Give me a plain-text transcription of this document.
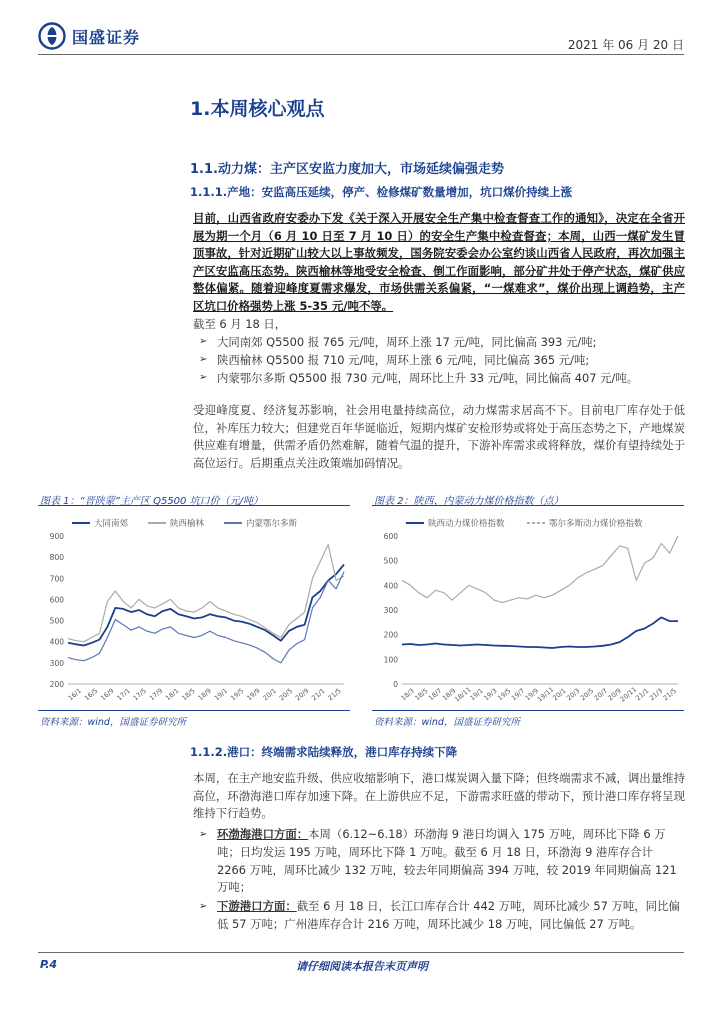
国盛证券	2021 年 06 月 20 日
1.本周核心观点
1.1.动力煤：主产区安监力度加大，市场延续偏强走势
1.1.1.产地：安监高压延续，停产、检修煤矿数量增加，坑口煤价持续上涨
目前，山西省政府安委办下发《关于深入开展安全生产集中检查督查工作的通知》，决定在全省开展为期一个月（6 月 10 日至 7 月 10 日）的安全生产集中检查督查；本周，山西一煤矿发生冒顶事故，针对近期矿山较大以上事故频发，国务院安委会办公室约谈山西省人民政府，再次加强主产区安监高压态势。陕西榆林等地受安全检查、倒工作面影响，部分矿井处于停产状态，煤矿供应整体偏紧。随着迎峰度夏需求爆发，市场供需关系偏紧，“一煤难求”，煤价出现上调趋势，主产区坑口价格强势上涨 5-35 元/吨不等。
截至 6 月 18 日，
➢ 大同南郊 Q5500 报 765 元/吨，周环上涨 17 元/吨，同比偏高 393 元/吨;
➢ 陕西榆林 Q5500 报 710 元/吨，周环上涨 6 元/吨，同比偏高 365 元/吨;
➢ 内蒙鄂尔多斯 Q5500 报 730 元/吨，周环比上升 33 元/吨，同比偏高 407 元/吨。
受迎峰度夏、经济复苏影响，社会用电量持续高位，动力煤需求居高不下。目前电厂库存处于低位，补库压力较大；但建党百年华诞临近，短期内煤矿安检形势或将处于高压态势之下，产地煤炭供应难有增量，供需矛盾仍然难解，随着气温的提升，下游补库需求或将释放，煤价有望持续处于高位运行。后期重点关注政策端加码情况。
图表 1：“晋陕蒙”主产区 Q5500 坑口价（元/吨）
大同南郊	陕西榆林	内蒙鄂尔多斯
900
800
700
600
500
400
300
200
16/1 16/5 16/9 17/1 17/5 17/9 18/1 18/5 18/9 19/1 19/5 19/9 20/1 20/5 20/9 21/1 21/5
资料来源：wind，国盛证券研究所
图表 2：陕西、内蒙动力煤价格指数（点）
陕西动力煤价格指数	鄂尔多斯动力煤价格指数
600
500
400
300
200
100
0
18/3
18/5
18/7
18/9
18/11
19/1
19/3
19/5
19/7
19/9
19/11
20/1
20/3
20/5
20/7
20/9
20/11
21/1
21/3
21/5
资料来源：wind，国盛证券研究所
1.1.2.港口：终端需求陆续释放，港口库存持续下降
本周，在主产地安监升级、供应收缩影响下，港口煤炭调入量下降；但终端需求不减，调出量维持高位，环渤海港口库存加速下降。在上游供应不足，下游需求旺盛的带动下，预计港口库存将呈现维持下行趋势。
➢ 环渤海港口方面：本周（6.12~6.18）环渤海 9 港日均调入 175 万吨，周环比下降 6 万吨；日均发运 195 万吨，周环比下降 1 万吨。截至 6 月 18 日，环渤海 9 港库存合计 2266 万吨，周环比减少 132 万吨，较去年同期偏高 394 万吨，较 2019 年同期偏高 121 万吨；
➢ 下游港口方面：截至 6 月 18 日，长江口库存合计 442 万吨，周环比减少 57 万吨，同比偏低 57 万吨；广州港库存合计 216 万吨，周环比减少 18 万吨，同比偏低 27 万吨。
请仔细阅读本报告末页声明
P.4
